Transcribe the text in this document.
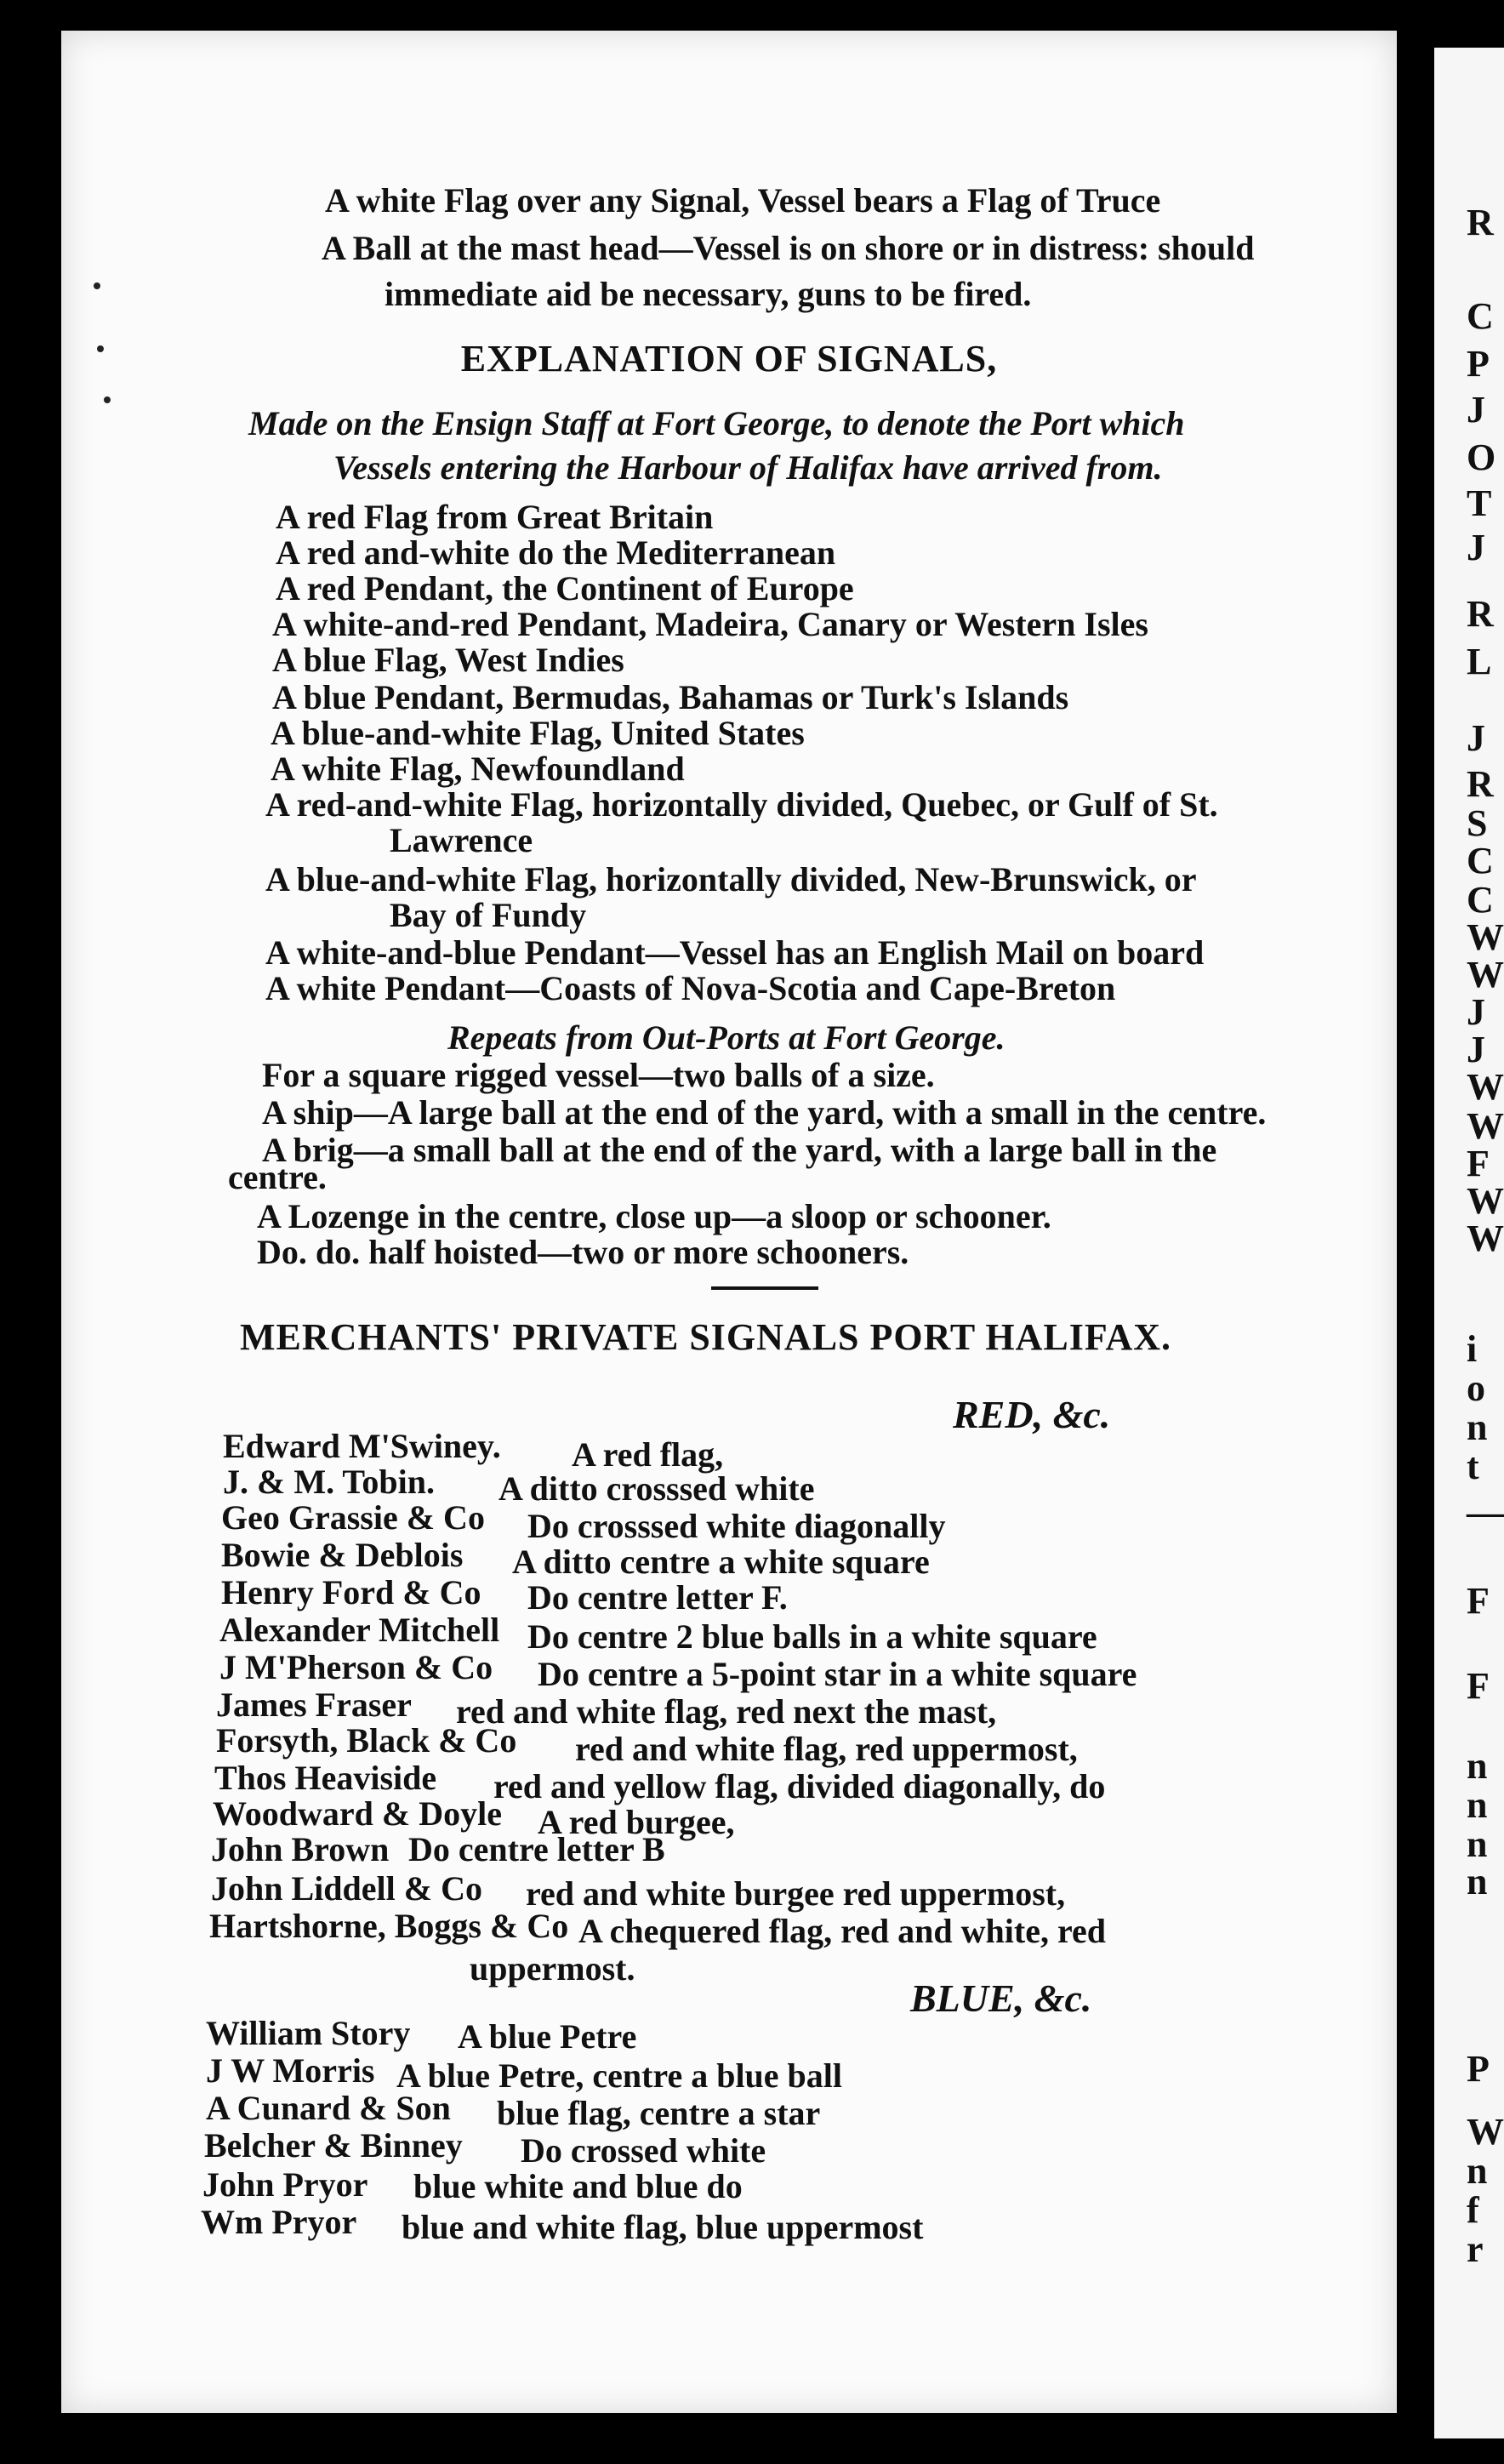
A white Flag over any Signal, Vessel bears a Flag of Truce
A Ball at the mast head—Vessel is on shore or in distress: should
immediate aid be necessary, guns to be fired.
EXPLANATION OF SIGNALS,
Made on the Ensign Staff at Fort George, to denote the Port which
Vessels entering the Harbour of Halifax have arrived from.
A red Flag from Great Britain
A red and-white do the Mediterranean
A red Pendant, the Continent of Europe
A white-and-red Pendant, Madeira, Canary or Western Isles
A blue Flag, West Indies
A blue Pendant, Bermudas, Bahamas or Turk's Islands
A blue-and-white Flag, United States
A white Flag, Newfoundland
A red-and-white Flag, horizontally divided, Quebec, or Gulf of St.
Lawrence
A blue-and-white Flag, horizontally divided, New-Brunswick, or
Bay of Fundy
A white-and-blue Pendant—Vessel has an English Mail on board
A white Pendant—Coasts of Nova-Scotia and Cape-Breton
Repeats from Out-Ports at Fort George.
For a square rigged vessel—two balls of a size.
A ship—A large ball at the end of the yard, with a small in the centre.
A brig—a small ball at the end of the yard, with a large ball in the
centre.
A Lozenge in the centre, close up—a sloop or schooner.
Do. do. half hoisted—two or more schooners.
MERCHANTS' PRIVATE SIGNALS PORT HALIFAX.
RED, &c.
Edward M'Swiney. A red flag,
J. & M. Tobin. A ditto crosssed white
Geo Grassie & Co Do crosssed white diagonally
Bowie & Deblois A ditto centre a white square
Henry Ford & Co Do centre letter F.
Alexander Mitchell Do centre 2 blue balls in a white square
J M'Pherson & Co Do centre a 5-point star in a white square
James Fraser red and white flag, red next the mast,
Forsyth, Black & Co red and white flag, red uppermost,
Thos Heaviside red and yellow flag, divided diagonally, do
Woodward & Doyle A red burgee,
John Brown Do centre letter B
John Liddell & Co red and white burgee red uppermost,
Hartshorne, Boggs & Co A chequered flag, red and white, red
uppermost.
BLUE, &c.
William Story A blue Petre
J W Morris A blue Petre, centre a blue ball
A Cunard & Son blue flag, centre a star
Belcher & Binney Do crossed white
John Pryor blue white and blue do
Wm Pryor blue and white flag, blue uppermost
R
C
P
J
O
T
J
R
L
J
R
S
C
C
W
W
J
J
W
W
F
W
W
i
o
n
t
—
F
F
n
n
n
n
P
W
n
f
r
